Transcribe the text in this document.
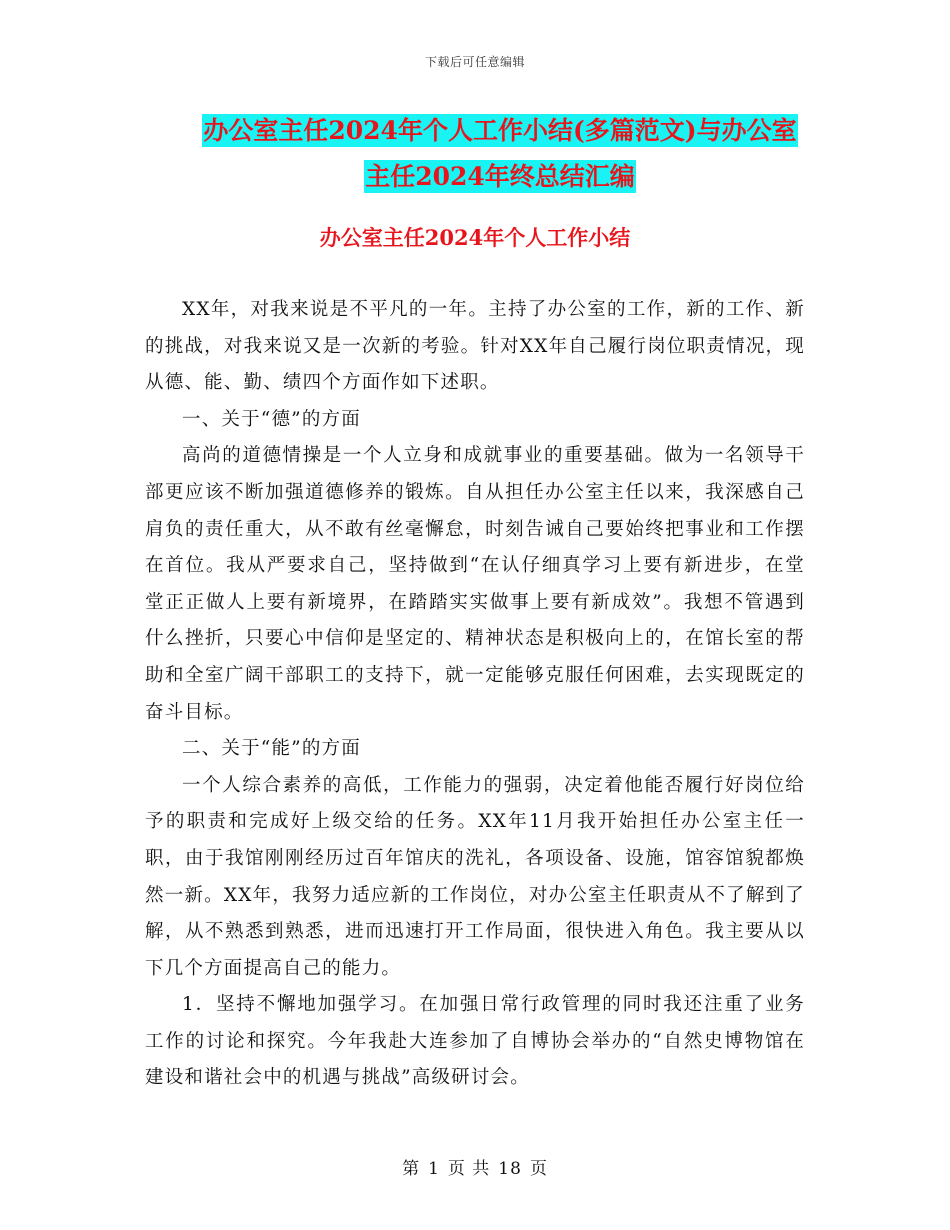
下载后可任意编辑
办公室主任2024年个人工作小结(多篇范文)与办公室
主任2024年终总结汇编
办公室主任2024年个人工作小结

XX年，对我来说是不平凡的一年。主持了办公室的工作，新的工作、新的挑战，对我来说又是一次新的考验。针对XX年自己履行岗位职责情况，现从德、能、勤、绩四个方面作如下述职。

一、关于“德”的方面

高尚的道德情操是一个人立身和成就事业的重要基础。做为一名领导干部更应该不断加强道德修养的锻炼。自从担任办公室主任以来，我深感自己肩负的责任重大，从不敢有丝毫懈怠，时刻告诫自己要始终把事业和工作摆在首位。我从严要求自己，坚持做到“在认仔细真学习上要有新进步，在堂堂正正做人上要有新境界，在踏踏实实做事上要有新成效”。我想不管遇到什么挫折，只要心中信仰是坚定的、精神状态是积极向上的，在馆长室的帮助和全室广阔干部职工的支持下，就一定能够克服任何困难，去实现既定的奋斗目标。

二、关于“能”的方面

一个人综合素养的高低，工作能力的强弱，决定着他能否履行好岗位给予的职责和完成好上级交给的任务。XX年11月我开始担任办公室主任一职，由于我馆刚刚经历过百年馆庆的洗礼，各项设备、设施，馆容馆貌都焕然一新。XX年，我努力适应新的工作岗位，对办公室主任职责从不了解到了解，从不熟悉到熟悉，进而迅速打开工作局面，很快进入角色。我主要从以下几个方面提高自己的能力。

1．坚持不懈地加强学习。在加强日常行政管理的同时我还注重了业务工作的讨论和探究。今年我赴大连参加了自博协会举办的“自然史博物馆在建设和谐社会中的机遇与挑战”高级研讨会。

第 1 页 共 18 页
